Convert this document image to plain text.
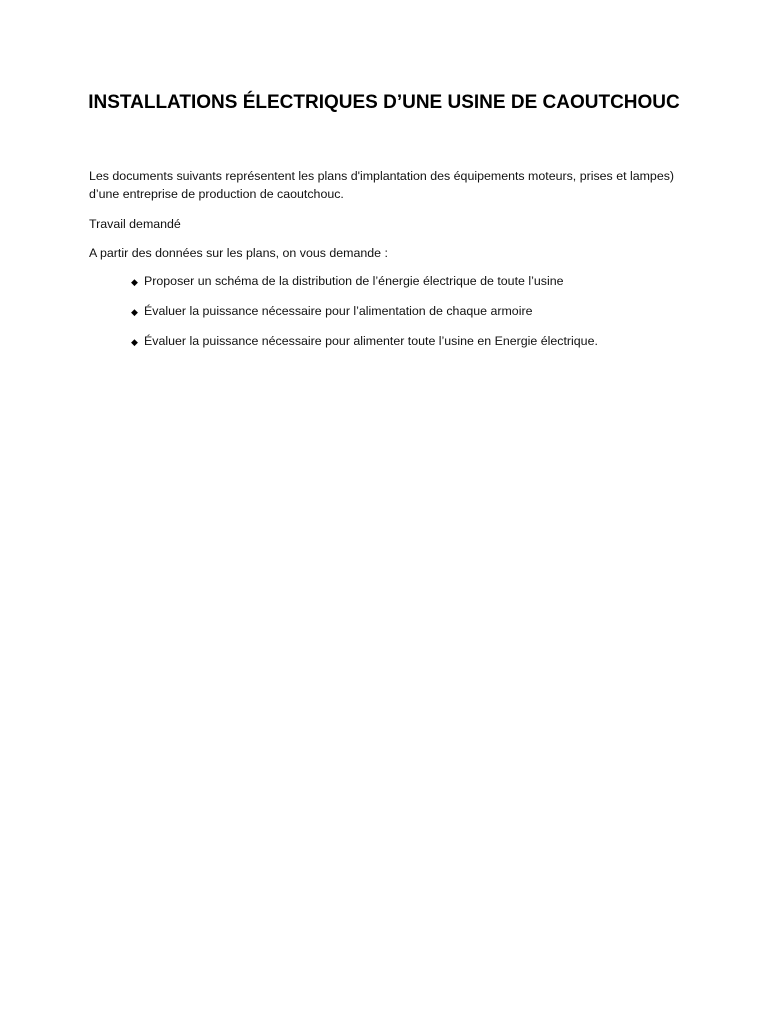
INSTALLATIONS ÉLECTRIQUES D’UNE USINE DE CAOUTCHOUC
Les documents suivants représentent les plans d'implantation des équipements moteurs, prises et lampes)
d’une entreprise de production de caoutchouc.
Travail demandé
A partir des données sur les plans, on vous demande :
◆ Proposer un schéma de la distribution de l’énergie électrique de toute l’usine
◆ Évaluer la puissance nécessaire pour l’alimentation de chaque armoire
◆ Évaluer la puissance nécessaire pour alimenter toute l’usine en Energie électrique.
